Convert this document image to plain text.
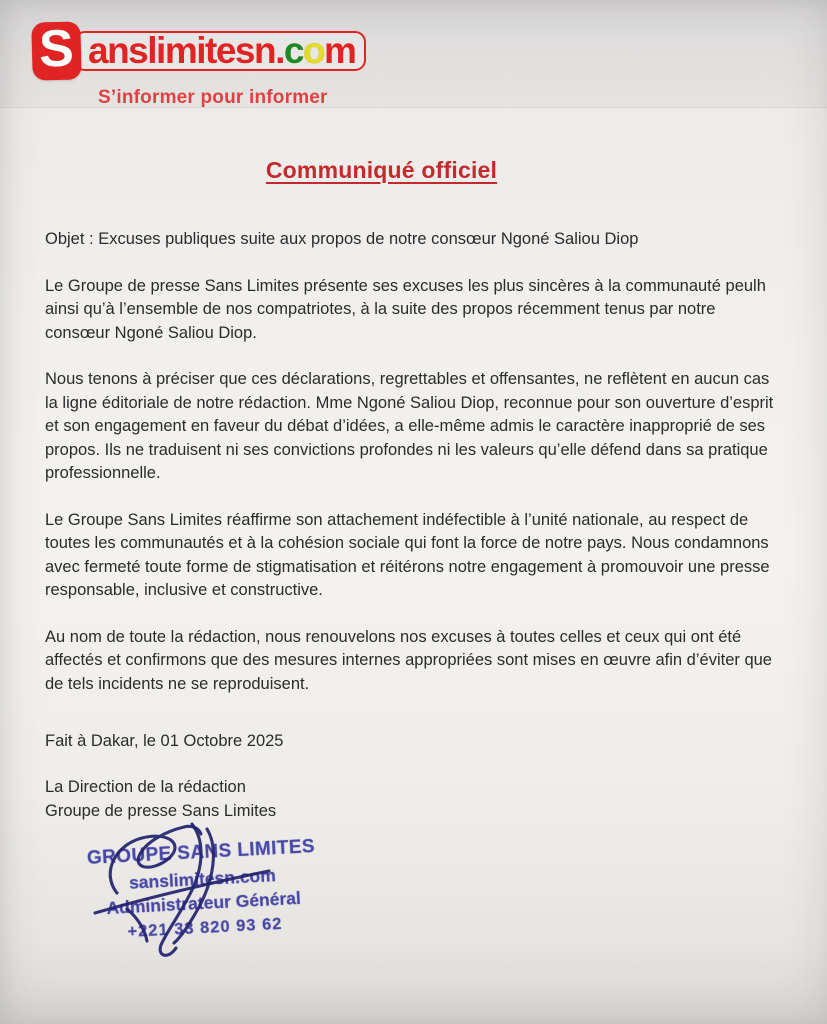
S anslimitesn. c o m
S’informer pour informer
Communiqué officiel

Objet : Excuses publiques suite aux propos de notre consœur Ngoné Saliou Diop

Le Groupe de presse Sans Limites présente ses excuses les plus sincères à la communauté peulh ainsi qu’à l’ensemble de nos compatriotes, à la suite des propos récemment tenus par notre consœur Ngoné Saliou Diop.

Nous tenons à préciser que ces déclarations, regrettables et offensantes, ne reflètent en aucun cas la ligne éditoriale de notre rédaction. Mme Ngoné Saliou Diop, reconnue pour son ouverture d’esprit et son engagement en faveur du débat d’idées, a elle-même admis le caractère inapproprié de ses propos. Ils ne traduisent ni ses convictions profondes ni les valeurs qu’elle défend dans sa pratique professionnelle.

Le Groupe Sans Limites réaffirme son attachement indéfectible à l’unité nationale, au respect de toutes les communautés et à la cohésion sociale qui font la force de notre pays. Nous condamnons avec fermeté toute forme de stigmatisation et réitérons notre engagement à promouvoir une presse responsable, inclusive et constructive.

Au nom de toute la rédaction, nous renouvelons nos excuses à toutes celles et ceux qui ont été affectés et confirmons que des mesures internes appropriées sont mises en œuvre afin d’éviter que de tels incidents ne se reproduisent.

Fait à Dakar, le 01 Octobre 2025

La Direction de la rédaction
Groupe de presse Sans Limites

GROUPE SANS LIMITES
sanslimitesn.com
Administrateur Général
+221 33 820 93 62
